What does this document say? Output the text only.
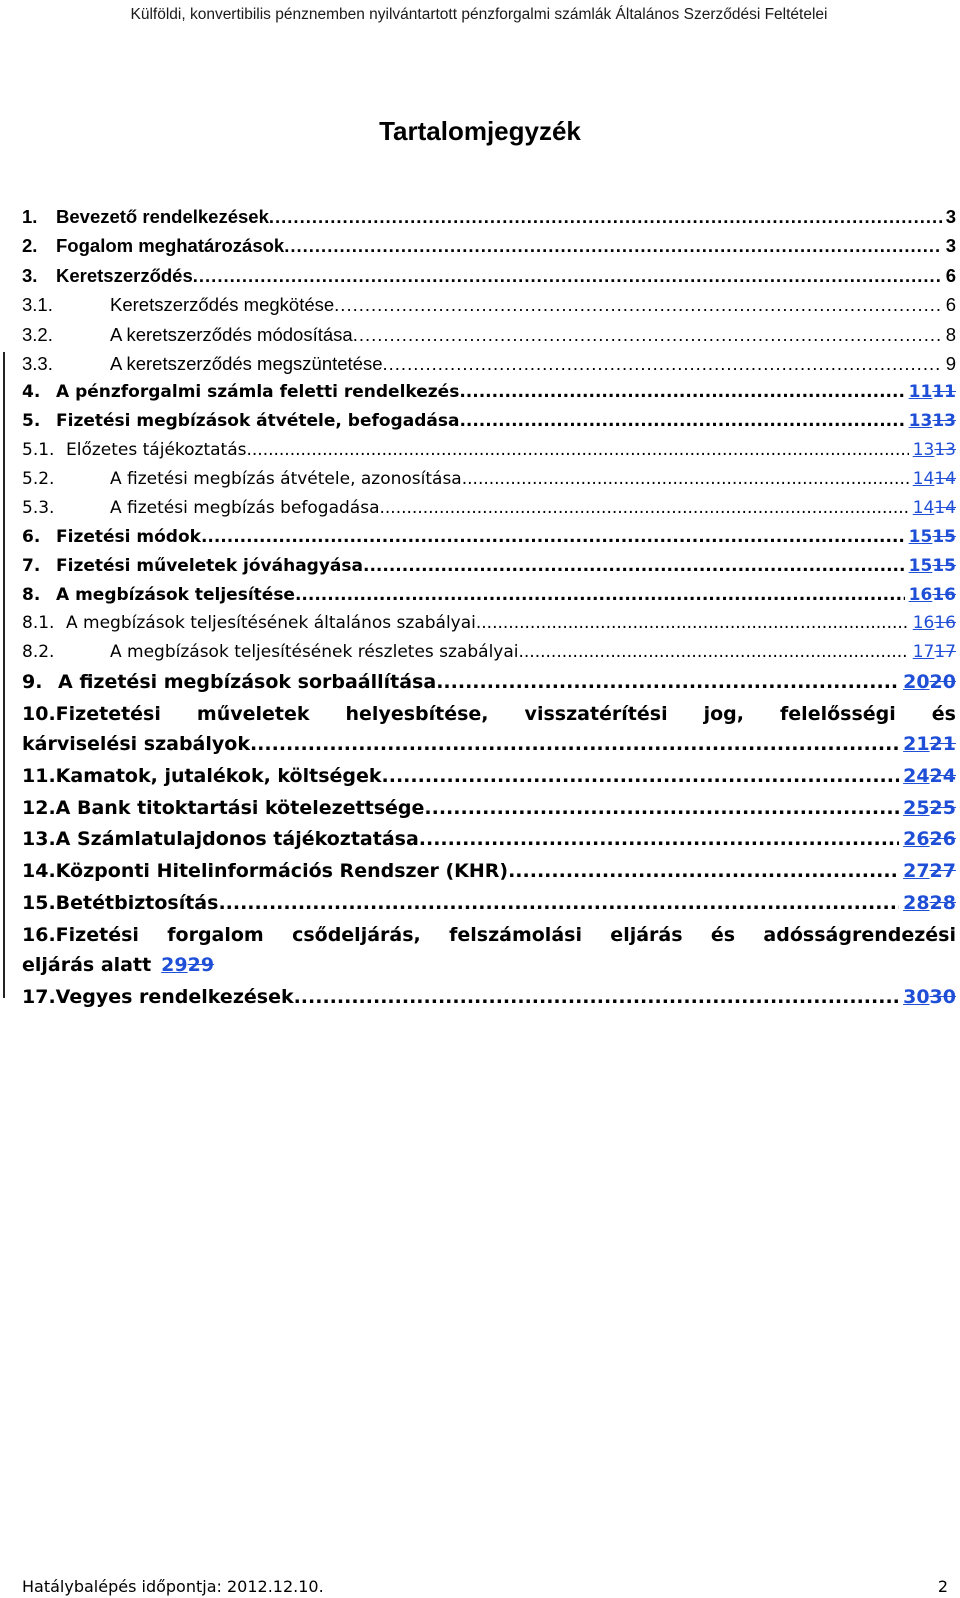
Külföldi, konvertibilis pénznemben nyilvántartott pénzforgalmi számlák Általános Szerződési Feltételei
Tartalomjegyzék
1.	Bevezető rendelkezések .....	3
2.	Fogalom meghatározások .....	3
3.	Keretszerződés .....	6
3.1.	Keretszerződés megkötése .....	6
3.2.	A keretszerződés módosítása .....	8
3.3.	A keretszerződés megszüntetése .....	9
4. A pénzforgalmi számla feletti rendelkezés .....	1111
5. Fizetési megbízások átvétele, befogadása .....	1313
5.1. Előzetes tájékoztatás .....	1313
5.2.	A fizetési megbízás átvétele, azonosítása .....	1414
5.3.	A fizetési megbízás befogadása .....	1414
6. Fizetési módok .....	1515
7. Fizetési műveletek jóváhagyása .....	1515
8. A megbízások teljesítése .....	1616
8.1. A megbízások teljesítésének általános szabályai .....	1616
8.2.	A megbízások teljesítésének részletes szabályai .....	1717
9. A fizetési megbízások sorbaállítása .....	2020
10.Fizetetési műveletek helyesbítése, visszatérítési jog, felelősségi és
kárviselési szabályok .....	2121
11. Kamatok, jutalékok, költségek .....	2424
12. A Bank titoktartási kötelezettsége .....	2525
13. A Számlatulajdonos tájékoztatása .....	2626
14. Központi Hitelinformációs Rendszer (KHR) .....	2727
15. Betétbiztosítás .....	2828
16.Fizetési forgalom csődeljárás, felszámolási eljárás és adósságrendezési
eljárás alatt 2929
17. Vegyes rendelkezések .....	3030
Hatálybalépés időpontja: 2012.12.10.	2
